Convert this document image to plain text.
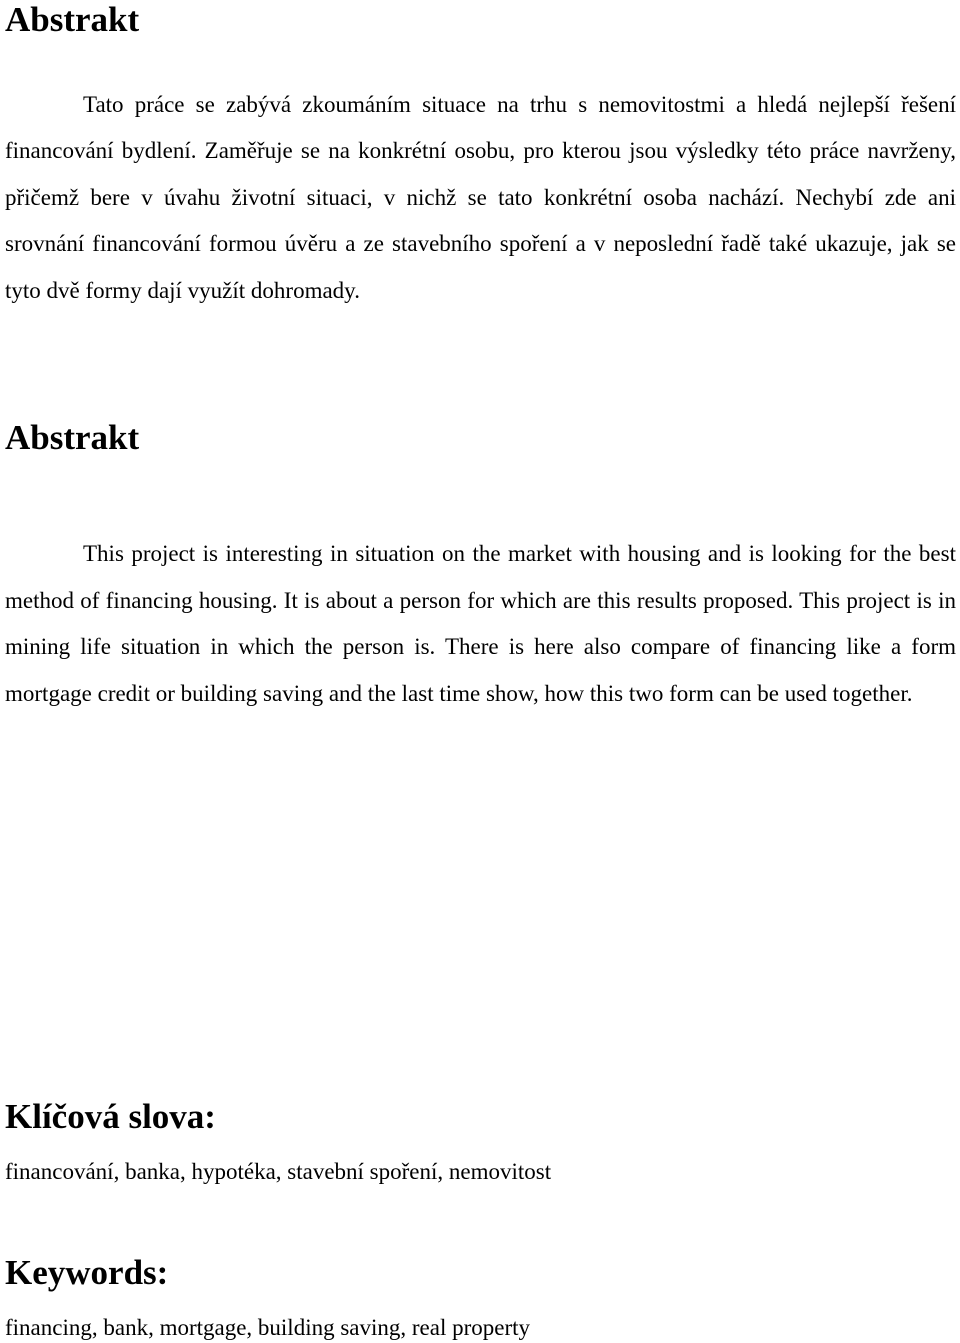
Abstrakt

Tato práce se zabývá zkoumáním situace na trhu s nemovitostmi a hledá nejlepší řešení financování bydlení. Zaměřuje se na konkrétní osobu, pro kterou jsou výsledky této práce navrženy, přičemž bere v úvahu životní situaci, v nichž se tato konkrétní osoba nachází. Nechybí zde ani srovnání financování formou úvěru a ze stavebního spoření a v neposlední řadě také ukazuje, jak se tyto dvě formy dají využít dohromady.

Abstrakt

This project is interesting in situation on the market with housing and is looking for the best method of financing housing. It is about a person for which are this results proposed. This project is in mining life situation in which the person is. There is here also compare of financing like a form mortgage credit or building saving and the last time show, how this two form can be used together.

Klíčová slova:

financování, banka, hypotéka, stavební spoření, nemovitost

Keywords:

financing, bank, mortgage, building saving, real property
